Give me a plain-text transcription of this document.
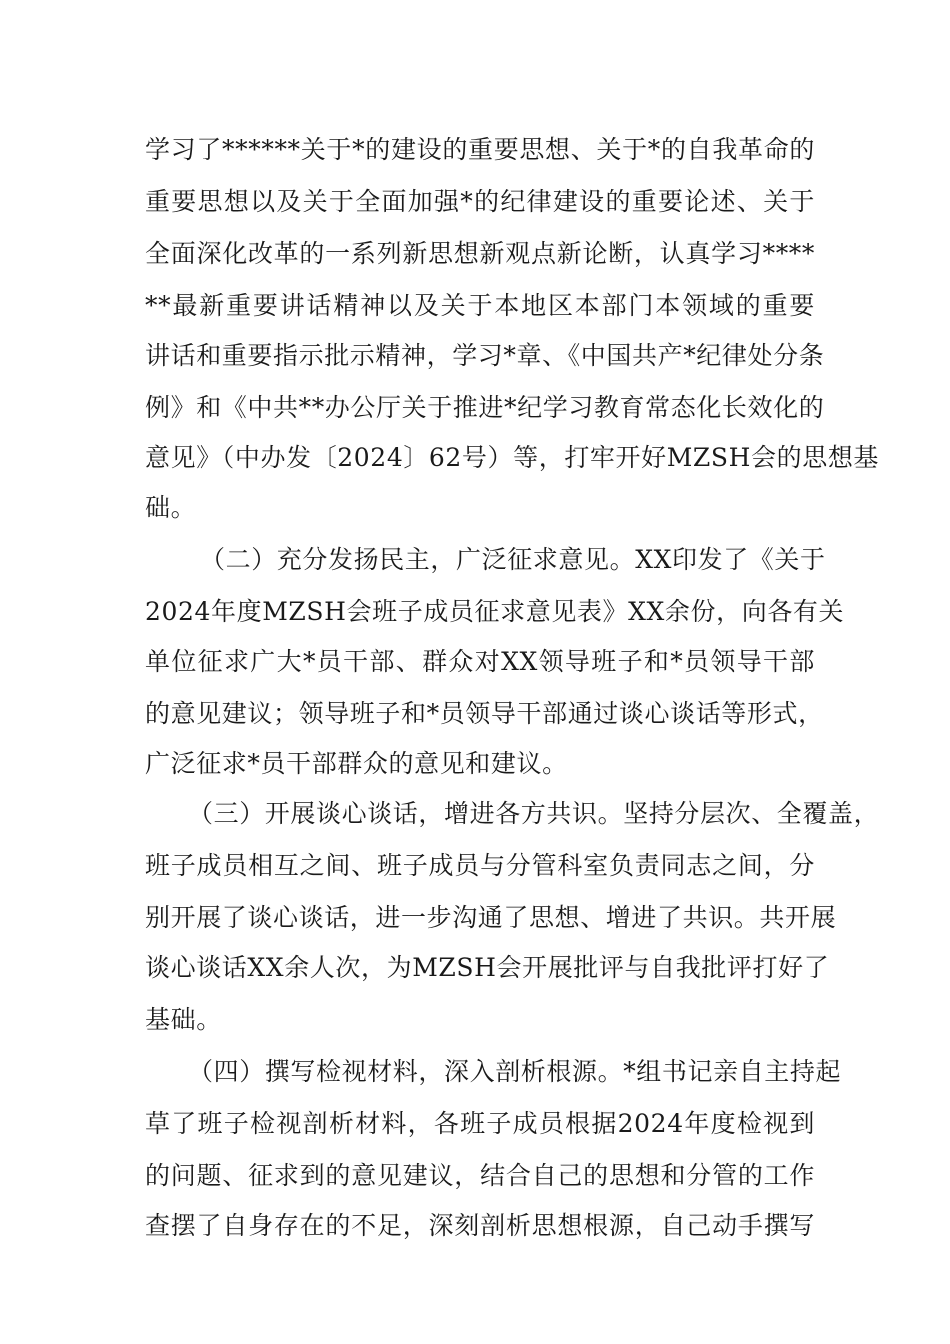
学习了******关于*的建设的重要思想、关于*的自我革命的
重要思想以及关于全面加强*的纪律建设的重要论述、关于
全面深化改革的一系列新思想新观点新论断，认真学习****
**最新重要讲话精神以及关于本地区本部门本领域的重要
讲话和重要指示批示精神，学习*章、《中国共产*纪律处分条
例》和《中共**办公厅关于推进*纪学习教育常态化长效化的
意见》（中办发〔2024〕62号）等，打牢开好MZSH会的思想基
础。
（二）充分发扬民主，广泛征求意见。XX印发了《关于
2024年度MZSH会班子成员征求意见表》XX余份，向各有关
单位征求广大*员干部、群众对XX领导班子和*员领导干部
的意见建议；领导班子和*员领导干部通过谈心谈话等形式，
广泛征求*员干部群众的意见和建议。
（三）开展谈心谈话，增进各方共识。坚持分层次、全覆盖，
班子成员相互之间、班子成员与分管科室负责同志之间，分
别开展了谈心谈话，进一步沟通了思想、增进了共识。共开展
谈心谈话XX余人次，为MZSH会开展批评与自我批评打好了
基础。
（四）撰写检视材料，深入剖析根源。*组书记亲自主持起
草了班子检视剖析材料，各班子成员根据2024年度检视到
的问题、征求到的意见建议，结合自己的思想和分管的工作
查摆了自身存在的不足，深刻剖析思想根源，自己动手撰写
